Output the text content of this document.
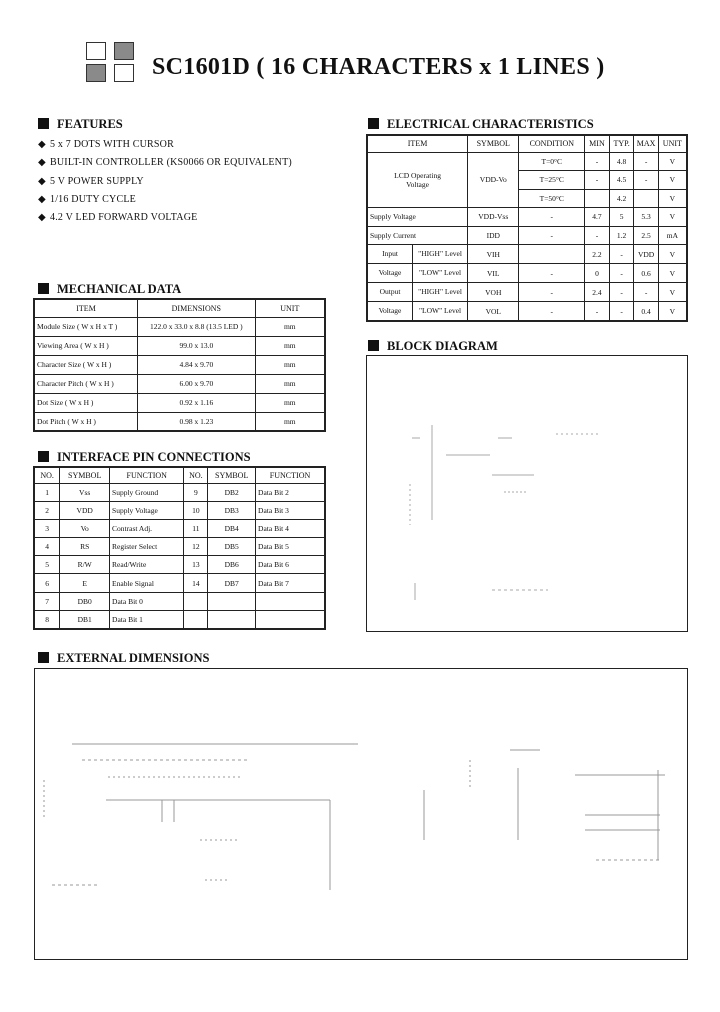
SC1601D ( 16 CHARACTERS x 1 LINES )
FEATURES
◆ 5 x 7 DOTS WITH CURSOR
◆ BUILT-IN CONTROLLER (KS0066 OR EQUIVALENT)
◆ 5 V POWER SUPPLY
◆ 1/16 DUTY CYCLE
◆ 4.2 V LED FORWARD VOLTAGE
ELECTRICAL CHARACTERISTICS
ITEM	SYMBOL	CONDITION	MIN	TYP.	MAX	UNIT

LCD Operating
Voltage	VDD-Vo	T=0°C	-	4.8	-	V
		T=25°C	-	4.5	-	V
		T=50°C		4.2		V
Supply Voltage	VDD-Vss	-	4.7	5	5.3	V
Supply Current	IDD	-	-	1.2	2.5	mA

Input "HIGH" Level	VIH		2.2	-	VDD	V

Voltage "LOW" Level	VIL	-	0	-	0.6	V

Output "HIGH" Level	VOH	-	2.4	-	-	V

Voltage "LOW" Level	VOL	-	-	-	0.4	V
MECHANICAL DATA
ITEM	DIMENSIONS	UNIT
Module Size ( W x H x T )	122.0 x 33.0 x 8.8 (13.5 LED )	mm
Viewing Area ( W x H )	99.0 x 13.0	mm
Character Size ( W x H )	4.84 x 9.70	mm
Character Pitch ( W x H )	6.00 x 9.70	mm
Dot Size ( W x H )	0.92 x 1.16	mm
Dot Pitch ( W x H )	0.98 x 1.23	mm
INTERFACE PIN CONNECTIONS
NO.	SYMBOL	FUNCTION	NO.	SYMBOL	FUNCTION
1	Vss	Supply Ground	9	DB2	Data Bit 2
2	VDD	Supply Voltage	10	DB3	Data Bit 3
3	Vo	Contrast Adj.	11	DB4	Data Bit 4
4	RS	Register Select	12	DB5	Data Bit 5
5	R/W	Read/Write	13	DB6	Data Bit 6
6	E	Enable Signal	14	DB7	Data Bit 7
7	DB0	Data Bit 0			
8	DB1	Data Bit 1			
BLOCK DIAGRAM
EXTERNAL DIMENSIONS
